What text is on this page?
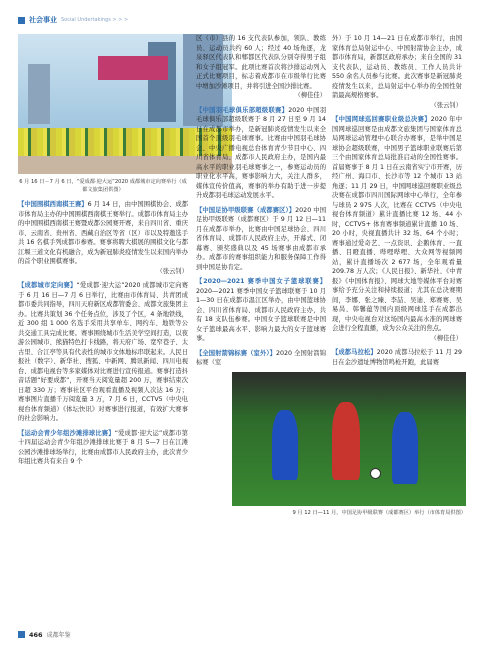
社会事业 Social Undertakings > > >
6 月 16 日－7 月 6 日，“爱成都·迎大运”2020 成都城市定向赛举行（成都文旅集团供图）
【中国围棋西南棋王赛】6 月 14 日，由中国围棋协会、成都市体育局主办的中国围棋西南棋王赛举行。成都市体育局主办的中国围棋西南棋王赛暨成都公园赛开赛，来自四川省、重庆市、云南省、贵州省、西藏自治区等省（区）市以及特邀选手共 16 名棋手列成都市参赛。赛事将聘大棋展的围棋文化与都江堰三道文化有机融合，成为新冠肺炎疫情发生以来国内举办的首个职业围棋赛事。
（张云钊）
【成都城市定向赛】“爱成都·迎大运”2020 成都城市定向赛于 6 月 16 日—7 月 6 日举行，比赛由市体育局、共青团成都市委共同指导，四川天府新区成都管委会、成都文旅集团主办。比赛共策划 36 个任务点位，涉及了个区，4 条地铁线，近 300 组 1 000 名选手采用共享单车、网约车、地铁等公共交通工具完成比赛。赛事围绕城市生活美学空间打造，以夜游公园城市、熊猫特色打卡线路，将天府广场、宽窄巷子、太古里、合江亭等具有代表性的城市文体地标串联起来。人民日报社（数字）、新华社、搜狐、中新网、腾讯新闻、四川电视台、成都电视台等多家媒体对比赛进行宣传报道。赛事打造抖音话题“好要成都”，开赛当天阅览量超 200 万，赛事结束次日超 330 万；赛事社区平台观看直播及视频人次达 16 万；赛事图片直播千万阅览量 3 万，7 月 6 日，CCTV5（中央电视台体育频道）《体坛快讯》对赛事进行报道，有效扩大赛事的社会影响力。
【运动会青少年组沙滩排球比赛】“爱成都·迎大运”成都市第十四届运动会青少年组沙滩排球比赛于 8 月 5—7 日在江滩公园沙滩排球场举行，比赛由成都市人民政府主办，此次青少年组比赛共有来自 9 个
区（市）县的 16 支代表队参加，领队、教练员、运动员共约 60 人；经过 40 场角逐，龙泉驿区代表队和郫都区代表队分别夺得男子组和女子组冠军。此项比赛首次将沙排运动列入正式比赛项目，标志着成都市在市级举行比赛中增加沙滩项目，并将引进全国沙排比赛。
（柳佳佳）
【中国羽毛球俱乐部超级联赛】2020 中国羽毛球俱乐部超级联赛于 8 月 27 日至 9 月 14 日在成都市举办，是新冠肺炎疫情发生以来全国首个顶级羽毛球赛事。比赛由中国羽毛球协会、中央广播电视总台体育青少节目中心、四川省体育局、成都市人民政府主办，是国内最高水平的职业羽毛球赛事之一，参赛运动员的职业化水平高，赛事影响力大，关注人群多，媒体宣传价值高，赛事的举办有助于进一步提升成都羽毛球运动发展水平。
【中国足协甲级联赛（成都赛区）】2020 中国足协甲级联赛（成都赛区）于 9 月 12 日—11 月在成都市举办，比赛由中国足球协会、四川省体育局、成都市人民政府主办，开幕式、闭幕赛、颁奖盛典以及 45 场赛事由成都市承办。成都市的赛事组织能力和服务保障工作得到中国足协肯定。
【2020—2021 赛季中国女子篮球联赛】2020—2021 赛季中国女子篮球联赛于 10 月 1—30 日在成都市温江区举办，由中国篮球协会、四川省体育局、成都市人民政府主办，共有 18 支队伍参赛。中国女子篮球联赛是中国女子篮球最高水平、影响力最大的女子篮球赛事。
【全国射箭锦标赛（室外）】2020 全国射箭锦标赛（室
外）于 10 月 14—21 日在成都市举行，由国家体育总局射运中心、中国射箭协会主办，成都市体育局，新都区政府承办；来自全国的 31 支代表队，运动员、教练员、工作人员共计 550 余名人员参与比赛。此次赛事是新冠肺炎疫情发生以来，总局射运中心举办的全国性射箭最高规格赛事。
（张云钊）
【中国网球巡回赛职业级总决赛】2020 年中国网球巡回赛是由成都文旅集团与国家体育总局网球运动管理中心联合办赛事，是举中国足球协会超级联赛，中国男子篮球职业联赛后第三个由国家体育总局批准启动的全国性赛事。首届赛事于 8 月 1 日在云南省实宁市开赛，历经广州、海口市、长沙市等 12 个城市 13 站角逐；11 月 29 日，中国网球巡回赛职业级总决赛在成都市四川国际网球中心举行，全年参与球员 2 975 人次，比赛在 CCTV5（中央电视台体育频道）累计直播比赛 12 场、44 小时，CCTV5+ 体育赛事频道累计直播 10 场、20 小时，央视直播共计 32 场、64 个小时；赛事通过爱奇艺、一点资讯、企鹅体育、一直播、目瞪直播、哔哩哔哩、大众网等视频网站，累计直播场次 2 677 场，全年观看量 209.78 万人次；《人民日报》、新华社、《中青报》《中国体育报》、网球大地等媒体平台对赛事给予充分关注和持续报道；尤其在总决赛期间，李娜、张之臻、李喆、吴迪、郑赛赛、吴易昺、韩馨蕴等国内顶级网球选手在成都出现，中央电视台对这场国内最高水准的网球赛会进行全程直播，成为公众关注的焦点。
（柳佳佳）
【成都马拉松】2020 成都马拉松于 11 月 29 日在金沙遗址博物馆鸣枪开跑，此届赛
9 月 12 日—11 月，中国足协甲级联赛（成都赛区）举行（市体育局供图）
466 成都年鉴
